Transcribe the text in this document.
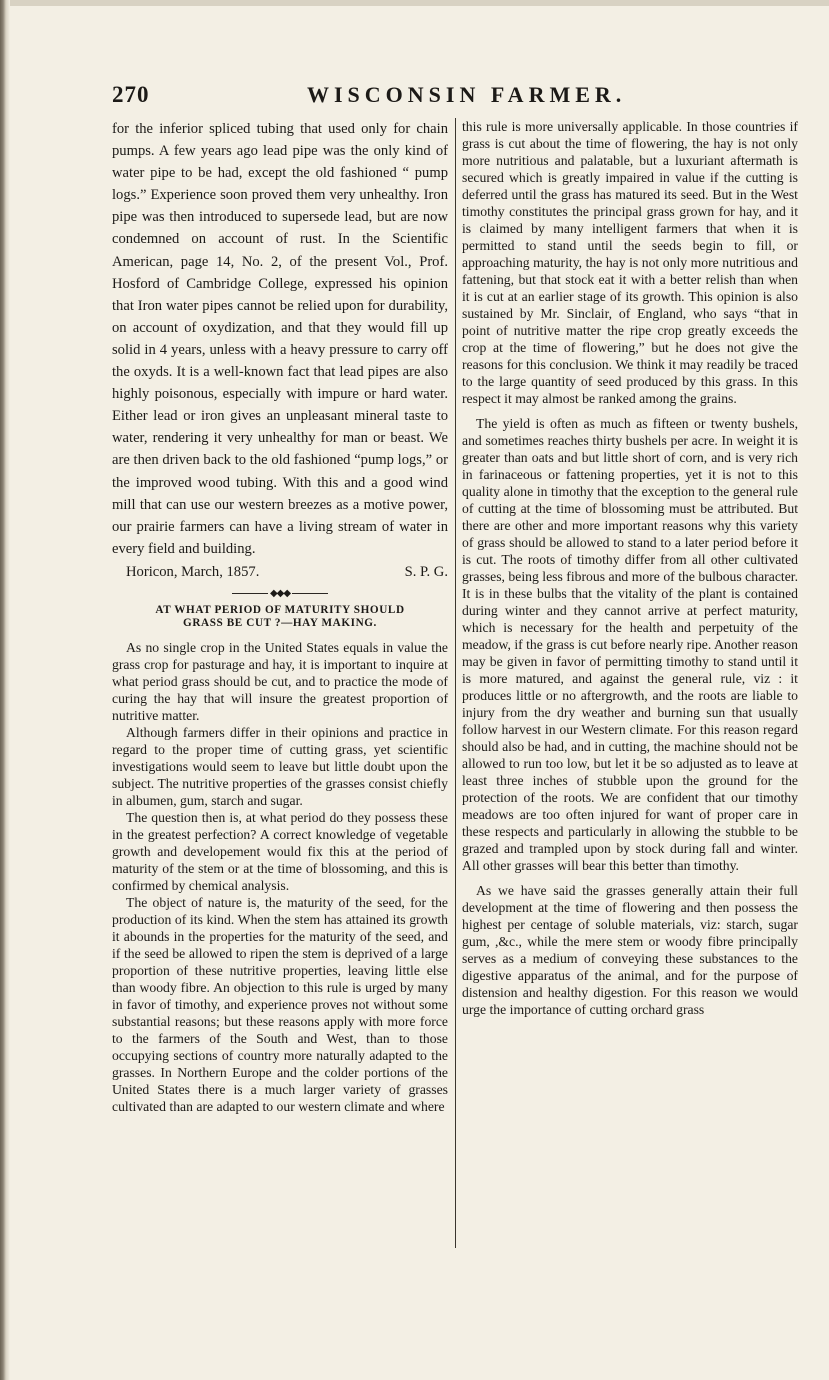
270	WISCONSIN FARMER.

for the inferior spliced tubing that used only for chain pumps. A few years ago lead pipe was the only kind of water pipe to be had, except the old fashioned “ pump logs.” Experience soon proved them very unhealthy. Iron pipe was then introduced to supersede lead, but are now condemned on account of rust. In the Scientific American, page 14, No. 2, of the present Vol., Prof. Hosford of Cambridge College, expressed his opinion that Iron water pipes cannot be relied upon for durability, on account of oxydization, and that they would fill up solid in 4 years, unless with a heavy pressure to carry off the oxyds. It is a well-known fact that lead pipes are also highly poisonous, especially with impure or hard water. Either lead or iron gives an unpleasant mineral taste to water, rendering it very unhealthy for man or beast. We are then driven back to the old fashioned “pump logs,” or the improved wood tubing. With this and a good wind mill that can use our western breezes as a motive power, our prairie farmers can have a living stream of water in every field and building.

Horicon, March, 1857.	S. P. G.
◆◆◆
AT WHAT PERIOD OF MATURITY SHOULD
GRASS BE CUT ?—HAY MAKING.

As no single crop in the United States equals in value the grass crop for pasturage and hay, it is important to inquire at what period grass should be cut, and to practice the mode of curing the hay that will insure the greatest proportion of nutritive matter.

Although farmers differ in their opinions and practice in regard to the proper time of cutting grass, yet scientific investigations would seem to leave but little doubt upon the subject. The nutritive properties of the grasses consist chiefly in albumen, gum, starch and sugar.

The question then is, at what period do they possess these in the greatest perfection? A correct knowledge of vegetable growth and developement would fix this at the period of maturity of the stem or at the time of blossoming, and this is confirmed by chemical analysis.

The object of nature is, the maturity of the seed, for the production of its kind. When the stem has attained its growth it abounds in the properties for the maturity of the seed, and if the seed be allowed to ripen the stem is deprived of a large proportion of these nutritive properties, leaving little else than woody fibre. An objection to this rule is urged by many in favor of timothy, and experience proves not without some substantial reasons; but these reasons apply with more force to the farmers of the South and West, than to those occupying sections of country more naturally adapted to the grasses. In Northern Europe and the colder portions of the United States there is a much larger variety of grasses cultivated than are adapted to our western climate and where

this rule is more universally applicable. In those countries if grass is cut about the time of flowering, the hay is not only more nutritious and palatable, but a luxuriant aftermath is secured which is greatly impaired in value if the cutting is deferred until the grass has matured its seed. But in the West timothy constitutes the principal grass grown for hay, and it is claimed by many intelligent farmers that when it is permitted to stand until the seeds begin to fill, or approaching maturity, the hay is not only more nutritious and fattening, but that stock eat it with a better relish than when it is cut at an earlier stage of its growth. This opinion is also sustained by Mr. Sinclair, of England, who says “that in point of nutritive matter the ripe crop greatly exceeds the crop at the time of flowering,” but he does not give the reasons for this conclusion. We think it may readily be traced to the large quantity of seed produced by this grass. In this respect it may almost be ranked among the grains.

The yield is often as much as fifteen or twenty bushels, and sometimes reaches thirty bushels per acre. In weight it is greater than oats and but little short of corn, and is very rich in farinaceous or fattening properties, yet it is not to this quality alone in timothy that the exception to the general rule of cutting at the time of blossoming must be attributed. But there are other and more important reasons why this variety of grass should be allowed to stand to a later period before it is cut. The roots of timothy differ from all other cultivated grasses, being less fibrous and more of the bulbous character. It is in these bulbs that the vitality of the plant is contained during winter and they cannot arrive at perfect maturity, which is necessary for the health and perpetuity of the meadow, if the grass is cut before nearly ripe. Another reason may be given in favor of permitting timothy to stand until it is more matured, and against the general rule, viz : it produces little or no aftergrowth, and the roots are liable to injury from the dry weather and burning sun that usually follow harvest in our Western climate. For this reason regard should also be had, and in cutting, the machine should not be allowed to run too low, but let it be so adjusted as to leave at least three inches of stubble upon the ground for the protection of the roots. We are confident that our timothy meadows are too often injured for want of proper care in these respects and particularly in allowing the stubble to be grazed and trampled upon by stock during fall and winter. All other grasses will bear this better than timothy.

As we have said the grasses generally attain their full development at the time of flowering and then possess the highest per centage of soluble materials, viz: starch, sugar gum, ,&c., while the mere stem or woody fibre principally serves as a medium of conveying these substances to the digestive apparatus of the animal, and for the purpose of distension and healthy digestion. For this reason we would urge the importance of cutting orchard grass
